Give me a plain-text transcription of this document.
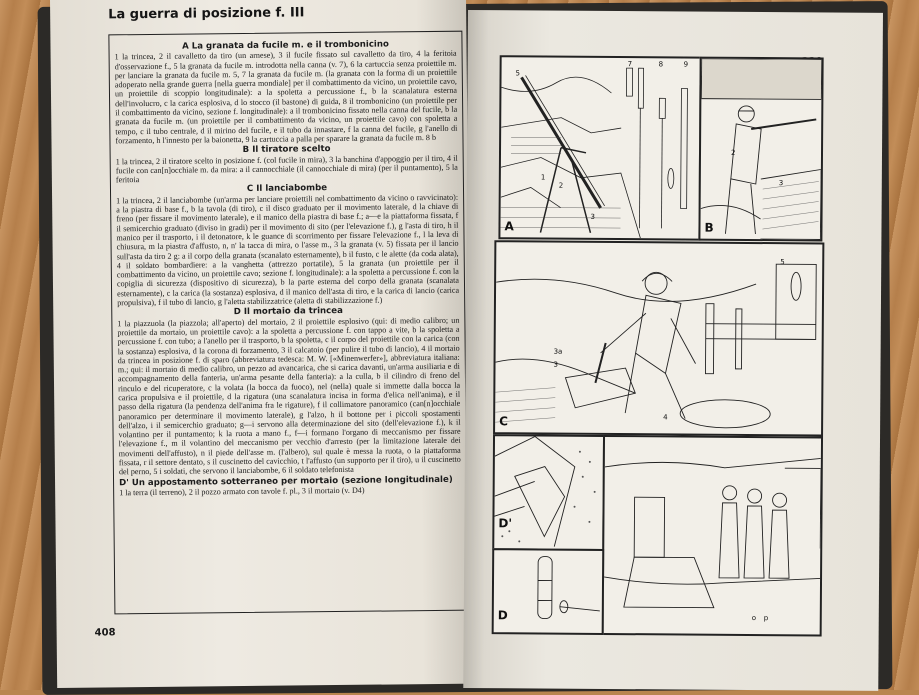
La guerra di posizione f. III
A La granata da fucile m. e il trombonicino
1 la trincea, 2 il cavalletto da tiro (un arnese), 3 il fucile fissato sul cavalletto da tiro, 4 la feritoia d'osservazione f., 5 la granata da fucile m. introdotta nella canna (v. 7), 6 la cartuccia senza proiettile m. per lanciare la granata da fucile m. 5, 7 la granata da fucile m. (la granata con la forma di un proiettile adoperato nella grande guerra [nella guerra mondiale] per il combattimento da vicino, un proiettile cavo, un proiettile di scoppio longitudinale): a la spoletta a percussione f., b la scanalatura esterna dell'involucro, c la carica esplosiva, d lo stocco (il bastone) di guida, 8 il trombonicino (un proiettile per il combattimento da vicino, sezione f. longitudinale): a il trombonicino fissato nella canna del fucile, b la granata da fucile m. (un proiettile per il combattimento da vicino, un proiettile cavo) con spoletta a tempo, c il tubo centrale, d il mirino del fucile, e il tubo da innastare, f la canna del fucile, g l'anello di forzamento, h l'innesto per la baionetta, 9 la cartuccia a palla per sparare la granata da fucile m. 8 b
B Il tiratore scelto
1 la trincea, 2 il tiratore scelto in posizione f. (col fucile in mira), 3 la banchina d'appoggio per il tiro, 4 il fucile con can[n]occhiale m. da mira: a il cannocchiale (il cannocchiale di mira) (per il puntamento), 5 la feritoia
C Il lanciabombe
1 la trincea, 2 il lanciabombe (un'arma per lanciare proiettili nel combattimento da vicino o ravvicinato): a la piastra di base f., b la tavola (di tiro), c il disco graduato per il movimento laterale, d la chiave di freno (per fissare il movimento laterale), e il manico della piastra di base f.; a—e la piattaforma fissata, f il semicerchio graduato (diviso in gradi) per il movimento di sito (per l'elevazione f.), g l'asta di tiro, h il manico per il trasporto, i il detonatore, k le guance di scorrimento per fissare l'elevazione f., l la leva di chiusura, m la piastra d'affusto, n, n' la tacca di mira, o l'asse m., 3 la granata (v. 5) fissata per il lancio sull'asta da tiro 2 g: a il corpo della granata (scanalato esternamente), b il fusto, c le alette (da coda alata), 4 il soldato bombardiere: a la vanghetta (attrezzo portatile), 5 la granata (un proiettile per il combattimento da vicino, un proiettile cavo; sezione f. longitudinale): a la spoletta a percussione f. con la copiglia di sicurezza (dispositivo di sicurezza), b la parte esterna del corpo della granata (scanalata esternamente), c la carica (la sostanza) esplosiva, d il manico dell'asta di tiro, e la carica di lancio (carica propulsiva), f il tubo di lancio, g l'aletta stabilizzatrice (aletta di stabilizzazione f.)
D Il mortaio da trincea
1 la piazzuola (la piazzola; all'aperto) del mortaio, 2 il proiettile esplosivo (qui: di medio calibro; un proiettile da mortaio, un proiettile cavo): a la spoletta a percussione f. con tappo a vite, b la spoletta a percussione f. con tubo; a l'anello per il trasporto, b la spoletta, c il corpo del proiettile con la carica (con la sostanza) esplosiva, d la corona di forzamento, 3 il calcatoio (per pulire il tubo di lancio), 4 il mortaio da trincea in posizione f. di sparo (abbreviatura tedesca: M. W. [«Minenwerfer»], abbreviatura italiana: m.; qui: il mortaio di medio calibro, un pezzo ad avancarica, che si carica davanti, un'arma ausiliaria e di accompagnamento della fanteria, un'arma pesante della fanteria): a la culla, b il cilindro di freno del rinculo e del ricuperatore, c la volata (la bocca da fuoco), nel (nella) quale si immette dalla bocca la carica propulsiva e il proiettile, d la rigatura (una scanalatura incisa in forma d'elica nell'anima), e il passo della rigatura (la pendenza dell'anima fra le rigature), f il collimatore panoramico (can[n]occhiale panoramico per determinare il movimento laterale), g l'alzo, h il bottone per i piccoli spostamenti dell'alzo, i il semicerchio graduato; g—i servono alla determinazione del sito (dell'elevazione f.), k il volantino per il puntamento; k la ruota a mano f., f—i formano l'organo di meccanismo per fissare l'elevazione f., m il volantino del meccanismo per vecchio d'arresto (per la limitazione laterale dei movimenti dell'affusto), n il piede dell'asse m. (l'albero), sul quale è messa la ruota, o la piattaforma fissata, r il settore dentato, s il cuscinetto del cavicchio, t l'affusto (un supporto per il tiro), u il cuscinetto del perno, 5 i soldati, che servono il lanciabombe, 6 il soldato telefonista
D' Un appostamento sotterraneo per mortaio (sezione longitudinale)
1 la terra (il terreno), 2 il pozzo armato con tavole f. pl., 3 il mortaio (v. D4)
408
A
5
1
2
3
7	8	9
B
3
2
C
3a
3
4
5
D'
p
o
D
